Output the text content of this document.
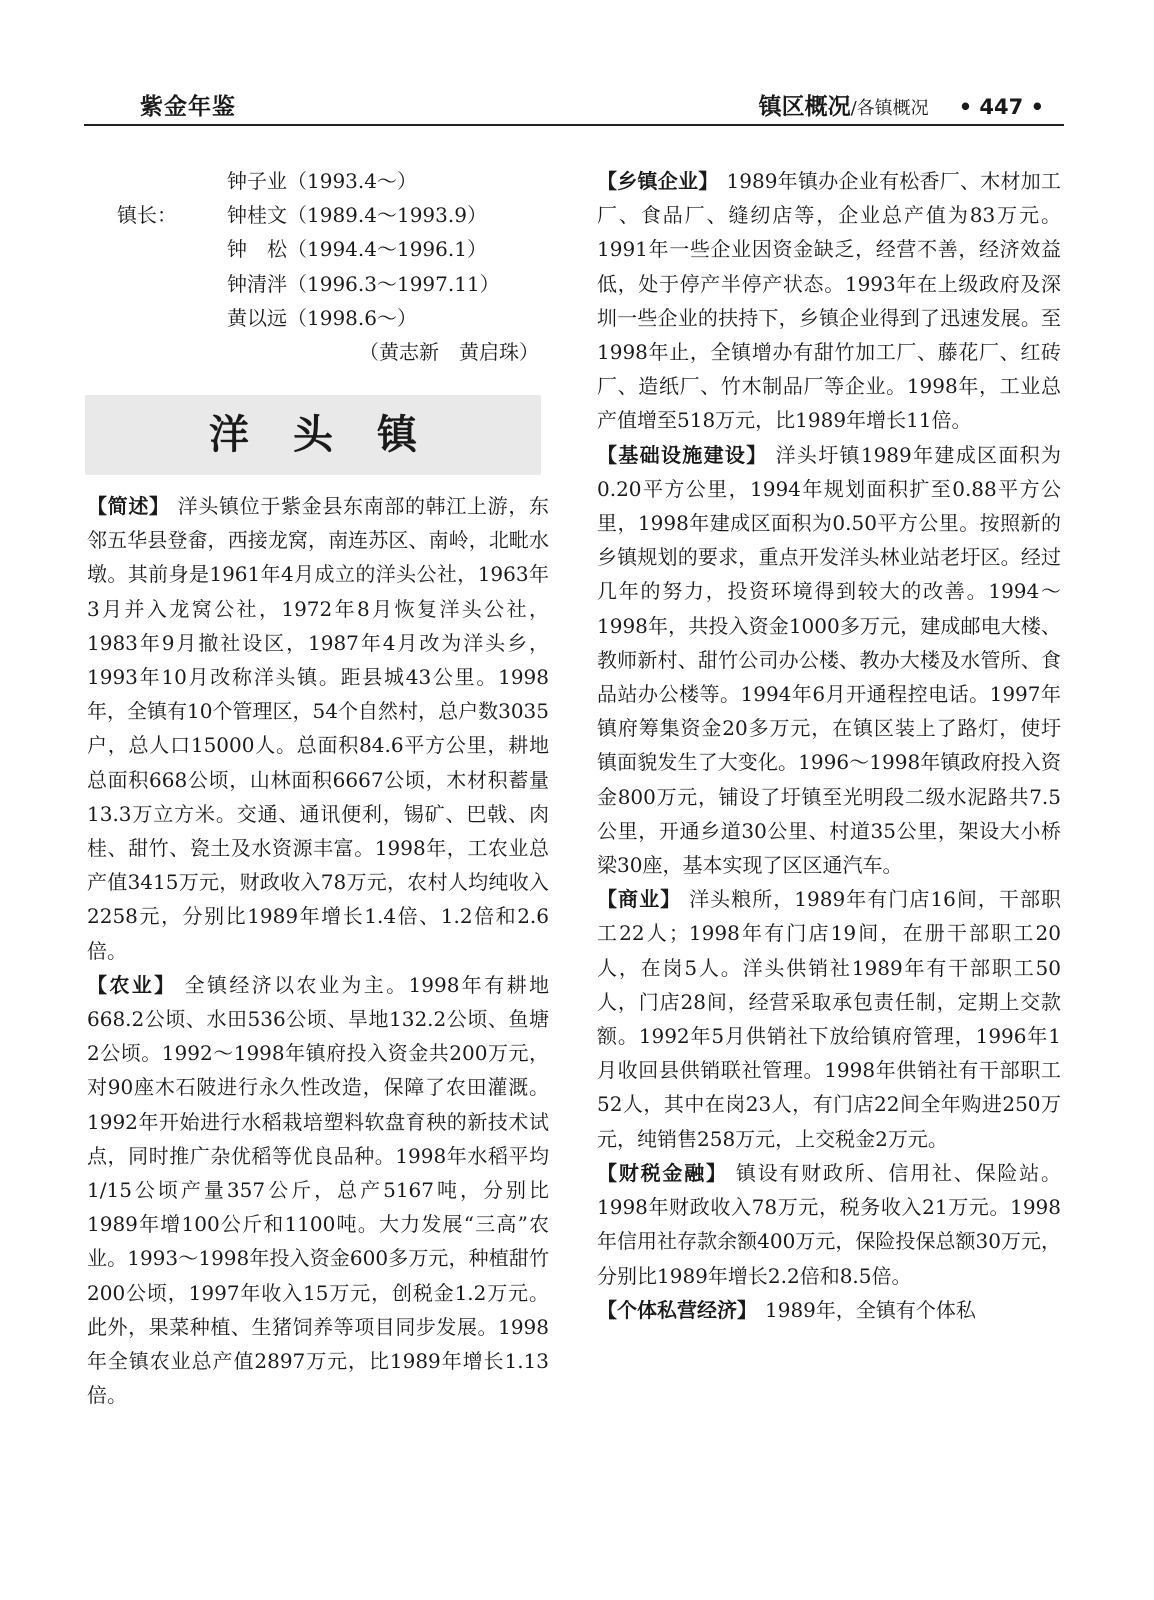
紫金年鉴	镇区概况/各镇概况 • 447 •
钟子业（1993.4～）
镇长：	钟桂文（1989.4～1993.9）
钟　松（1994.4～1996.1）
钟清泮（1996.3～1997.11）
黄以远（1998.6～）
（黄志新　黄启珠）
洋头镇

【简述】 洋头镇位于紫金县东南部的韩江上游，东邻五华县登畲，西接龙窝，南连苏区、南岭，北毗水墩。其前身是1961年4月成立的洋头公社，1963年3月并入龙窝公社，1972年8月恢复洋头公社，1983年9月撤社设区，1987年4月改为洋头乡，1993年10月改称洋头镇。距县城43公里。1998年，全镇有10个管理区，54个自然村，总户数3035户，总人口15000人。总面积84.6平方公里，耕地总面积668公顷，山林面积6667公顷，木材积蓄量13.3万立方米。交通、通讯便利，锡矿、巴戟、肉桂、甜竹、瓷土及水资源丰富。1998年，工农业总产值3415万元，财政收入78万元，农村人均纯收入2258元，分别比1989年增长1.4倍、1.2倍和2.6倍。

【农业】 全镇经济以农业为主。1998年有耕地668.2公顷、水田536公顷、旱地132.2公顷、鱼塘2公顷。1992～1998年镇府投入资金共200万元，对90座木石陂进行永久性改造，保障了农田灌溉。1992年开始进行水稻栽培塑料软盘育秧的新技术试点，同时推广杂优稻等优良品种。1998年水稻平均1/15公顷产量357公斤，总产5167吨，分别比1989年增100公斤和1100吨。大力发展“三高”农业。1993～1998年投入资金600多万元，种植甜竹200公顷，1997年收入15万元，创税金1.2万元。此外，果菜种植、生猪饲养等项目同步发展。1998年全镇农业总产值2897万元，比1989年增长1.13倍。

【乡镇企业】 1989年镇办企业有松香厂、木材加工厂、食品厂、缝纫店等，企业总产值为83万元。1991年一些企业因资金缺乏，经营不善，经济效益低，处于停产半停产状态。1993年在上级政府及深圳一些企业的扶持下，乡镇企业得到了迅速发展。至1998年止，全镇增办有甜竹加工厂、藤花厂、红砖厂、造纸厂、竹木制品厂等企业。1998年，工业总产值增至518万元，比1989年增长11倍。

【基础设施建设】 洋头圩镇1989年建成区面积为0.20平方公里，1994年规划面积扩至0.88平方公里，1998年建成区面积为0.50平方公里。按照新的乡镇规划的要求，重点开发洋头林业站老圩区。经过几年的努力，投资环境得到较大的改善。1994～1998年，共投入资金1000多万元，建成邮电大楼、教师新村、甜竹公司办公楼、教办大楼及水管所、食品站办公楼等。1994年6月开通程控电话。1997年镇府筹集资金20多万元，在镇区装上了路灯，使圩镇面貌发生了大变化。1996～1998年镇政府投入资金800万元，铺设了圩镇至光明段二级水泥路共7.5公里，开通乡道30公里、村道35公里，架设大小桥梁30座，基本实现了区区通汽车。

【商业】 洋头粮所，1989年有门店16间，干部职工22人；1998年有门店19间，在册干部职工20人，在岗5人。洋头供销社1989年有干部职工50人，门店28间，经营采取承包责任制，定期上交款额。1992年5月供销社下放给镇府管理，1996年1月收回县供销联社管理。1998年供销社有干部职工52人，其中在岗23人，有门店22间全年购进250万元，纯销售258万元，上交税金2万元。

【财税金融】 镇设有财政所、信用社、保险站。1998年财政收入78万元，税务收入21万元。1998年信用社存款余额400万元，保险投保总额30万元，分别比1989年增长2.2倍和8.5倍。

【个体私营经济】 1989年，全镇有个体私
